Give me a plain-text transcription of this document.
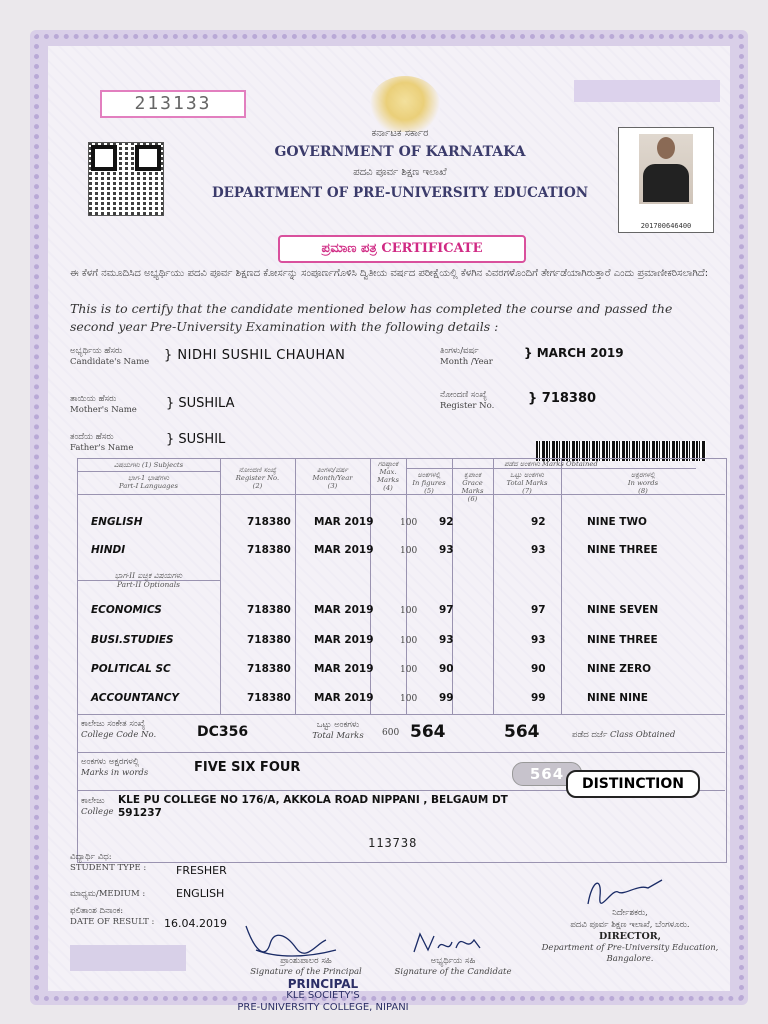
213133
201700646400
ಕರ್ನಾಟಕ ಸರ್ಕಾರ
GOVERNMENT OF KARNATAKA
ಪದವಿ ಪೂರ್ವ ಶಿಕ್ಷಣ ಇಲಾಖೆ
DEPARTMENT OF PRE-UNIVERSITY EDUCATION
ಪ್ರಮಾಣ ಪತ್ರ CERTIFICATE
ಈ ಕೆಳಗೆ ನಮೂದಿಸಿದ ಅಭ್ಯರ್ಥಿಯು ಪದವಿ ಪೂರ್ವ ಶಿಕ್ಷಣದ ಕೋರ್ಸನ್ನು ಸಂಪೂರ್ಣಗೊಳಿಸಿ ದ್ವಿತೀಯ ವರ್ಷದ ಪರೀಕ್ಷೆಯಲ್ಲಿ ಕೆಳಗಿನ ವಿವರಗಳೊಂದಿಗೆ ತೇರ್ಗಡೆಯಾಗಿರುತ್ತಾರೆ ಎಂದು ಪ್ರಮಾಣೀಕರಿಸಲಾಗಿದೆ:
This is to certify that the candidate mentioned below has completed the course and passed the second year Pre-University Examination with the following details :
ಅಭ್ಯರ್ಥಿಯ ಹೆಸರು
Candidate's Name } NIDHI SUSHIL CHAUHAN	ತಿಂಗಳು/ವರ್ಷ
Month /Year
} MARCH 2019
ತಾಯಿಯ ಹೆಸರು
Mother's Name } SUSHILA
ನೋಂದಣಿ ಸಂಖ್ಯೆ
Register No.	} 718380
ತಂದೆಯ ಹೆಸರು
Father's Name
} SUSHIL
ವಿಷಯಗಳು (1) Subjects
ಭಾಗ-1 ಭಾಷೆಗಳು
Part-I Languages
ನೋಂದಣಿ ಸಂಖ್ಯೆ
Register No.
(2)
ತಿಂಗಳು/ವರ್ಷ
Month/Year
(3)
ಗರಿಷ್ಠಾಂಕ
Max. Marks
(4)
ಪಡೆದ ಅಂಕಗಳು Marks Obtained
ಅಂಕಗಳಲ್ಲಿ
In figures
(5)
ಕೃಪಾಂಕ
Grace Marks
(6)
ಒಟ್ಟು ಅಂಕಗಳು
Total Marks
(7)
ಅಕ್ಷರಗಳಲ್ಲಿ
In words
(8)
ENGLISH	718380 MAR 2019	100 92	92	NINE TWO
HINDI	718380 MAR 2019	100 93	93	NINE THREE
ಭಾಗ-II ಐಚ್ಛಿಕ ವಿಷಯಗಳು
Part-II Optionals
ECONOMICS	718380 MAR 2019	100 97	97	NINE SEVEN
BUSI.STUDIES	718380 MAR 2019	100 93	93	NINE THREE
POLITICAL SC	718380 MAR 2019	100 90	90	NINE ZERO
ACCOUNTANCY	718380 MAR 2019	100 99	99	NINE NINE
ಕಾಲೇಜು ಸಂಕೇತ ಸಂಖ್ಯೆ
College Code No.	DC356	ಒಟ್ಟು ಅಂಕಗಳು
Total Marks	600 564	564	ಪಡೆದ ದರ್ಜೆ Class Obtained
ಅಂಕಗಳು ಅಕ್ಷರಗಳಲ್ಲಿ
Marks in words	FIVE SIX FOUR	564
DISTINCTION
ಕಾಲೇಜು
College
KLE PU COLLEGE NO 176/A, AKKOLA ROAD NIPPANI , BELGAUM DT
591237
113738
ವಿದ್ಯಾರ್ಥಿ ವಿಧ:
STUDENT TYPE :	FRESHER
ಮಾಧ್ಯಮ/MEDIUM :	ENGLISH
ಫಲಿತಾಂಶ ದಿನಾಂಕ:
DATE OF RESULT : 16.04.2019
ಪ್ರಾಂಶುಪಾಲರ ಸಹಿ
Signature of the Principal
PRINCIPAL
KLE SOCIETY'S
PRE-UNIVERSITY COLLEGE, NIPANI
ಅಭ್ಯರ್ಥಿಯ ಸಹಿ
Signature of the Candidate
ನಿರ್ದೇಶಕರು,
ಪದವಿ ಪೂರ್ವ ಶಿಕ್ಷಣ ಇಲಾಖೆ, ಬೆಂಗಳೂರು.
DIRECTOR,
Department of Pre-University Education,
Bangalore.
